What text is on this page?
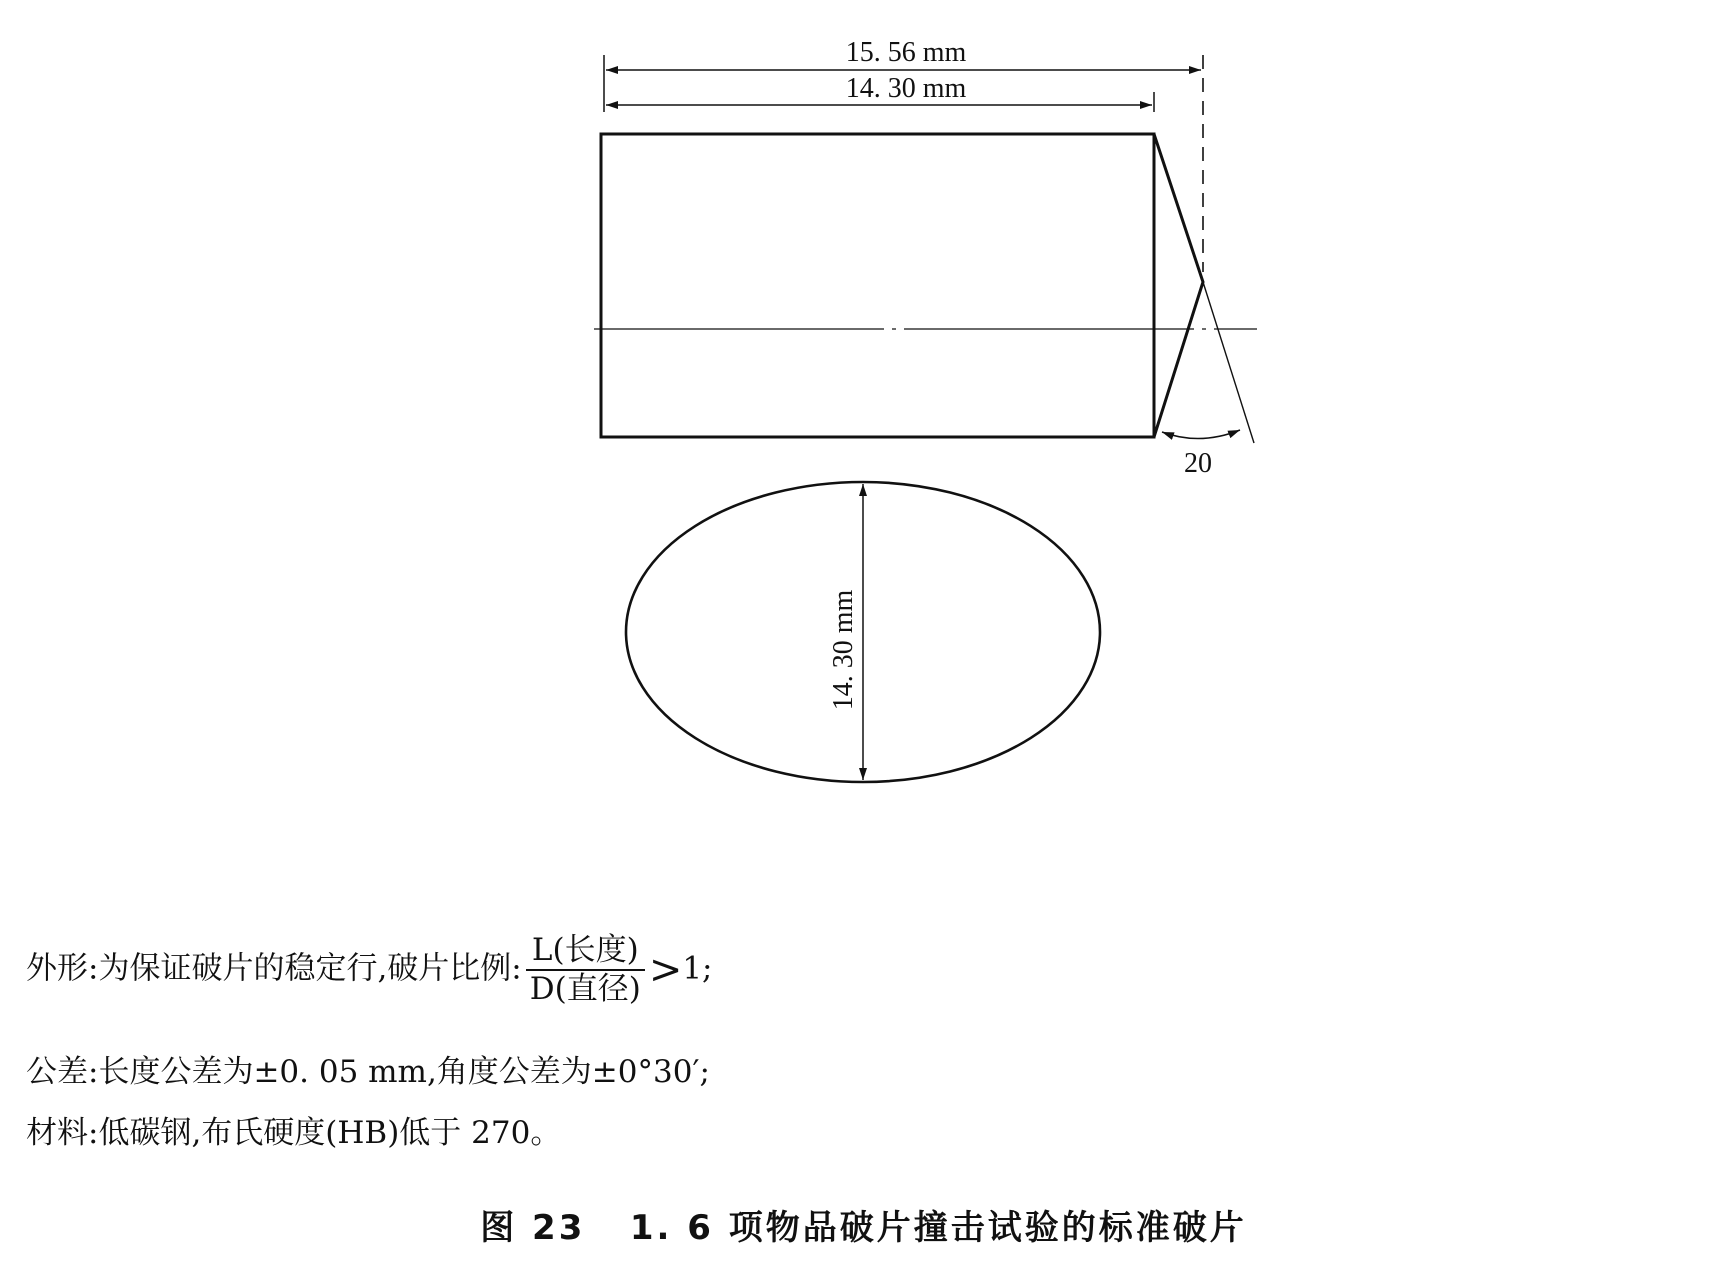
15. 56 mm
14. 30 mm
20
14. 30 mm
外形:为保证破片的稳定行,破片比例: $\frac{\text{L(长度)}}{\text{D(直径)}} >1$;
公差:长度公差为±0. 05 mm,角度公差为±0°30′;
材料:低碳钢,布氏硬度(HB)低于 270。
图 23   1. 6 项物品破片撞击试验的标准破片
